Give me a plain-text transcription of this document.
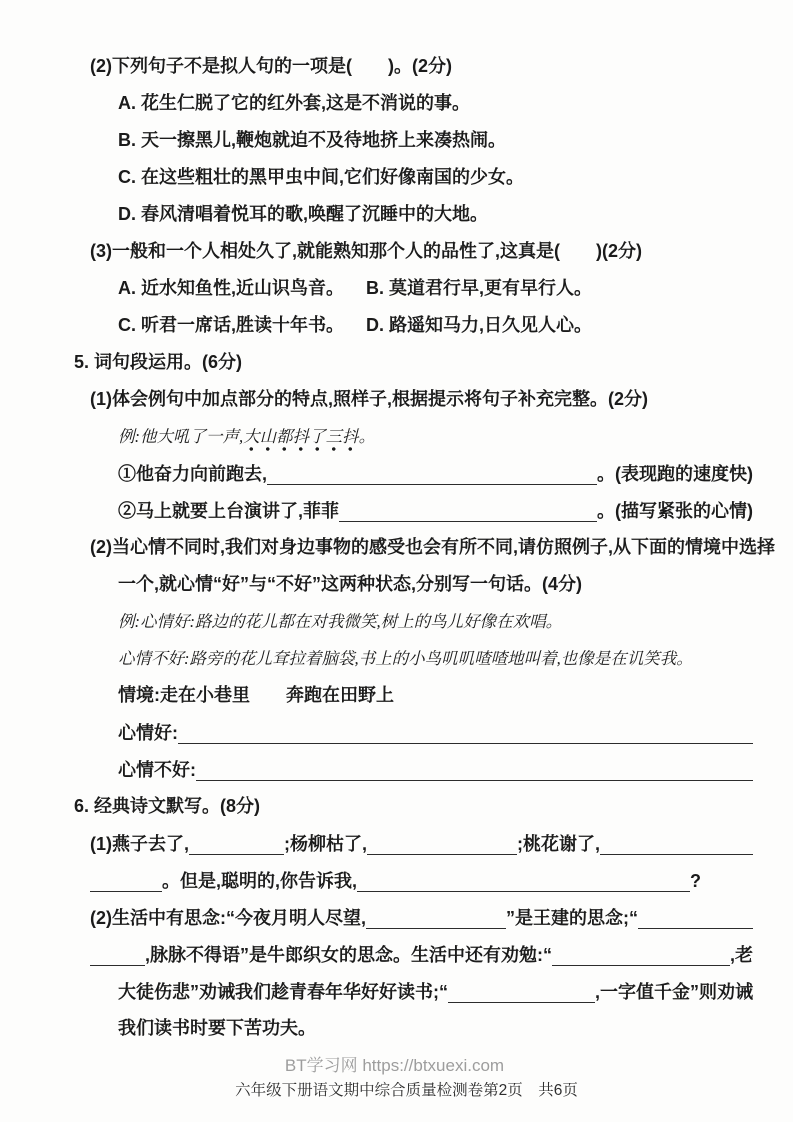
(2)下列句子不是拟人句的一项是(　　)。(2分)
A. 花生仁脱了它的红外套,这是不消说的事。
B. 天一擦黑儿,鞭炮就迫不及待地挤上来凑热闹。
C. 在这些粗壮的黑甲虫中间,它们好像南国的少女。
D. 春风清唱着悦耳的歌,唤醒了沉睡中的大地。
(3)一般和一个人相处久了,就能熟知那个人的品性了,这真是(　　)(2分)
A. 近水知鱼性,近山识鸟音。 B. 莫道君行早,更有早行人。
C. 听君一席话,胜读十年书。 D. 路遥知马力,日久见人心。
5. 词句段运用。(6分)
(1)体会例句中加点部分的特点,照样子,根据提示将句子补充完整。(2分)
例:他大吼了一声,大山都抖了三抖。
①他奋力向前跑去,	。(表现跑的速度快)
②马上就要上台演讲了,菲菲	。(描写紧张的心情)
(2)当心情不同时,我们对身边事物的感受也会有所不同,请仿照例子,从下面的情境中选择
一个,就心情“好”与“不好”这两种状态,分别写一句话。(4分)
例:心情好:路边的花儿都在对我微笑,树上的鸟儿好像在欢唱。
心情不好:路旁的花儿耷拉着脑袋,书上的小鸟叽叽喳喳地叫着,也像是在讥笑我。
情境:走在小巷里　　奔跑在田野上
心情好:
心情不好:
6. 经典诗文默写。(8分)
(1)燕子去了,	;杨柳枯了,	;桃花谢了,
。但是,聪明的,你告诉我,	?
(2)生活中有思念:“今夜月明人尽望,	”是王建的思念;“
,脉脉不得语”是牛郎织女的思念。生活中还有劝勉:“	,老
大徒伤悲”劝诫我们趁青春年华好好读书;“	,一字值千金”则劝诫
我们读书时要下苦功夫。
BT学习网 https://btxuexi.com
六年级下册语文期中综合质量检测卷第2页　共6页
